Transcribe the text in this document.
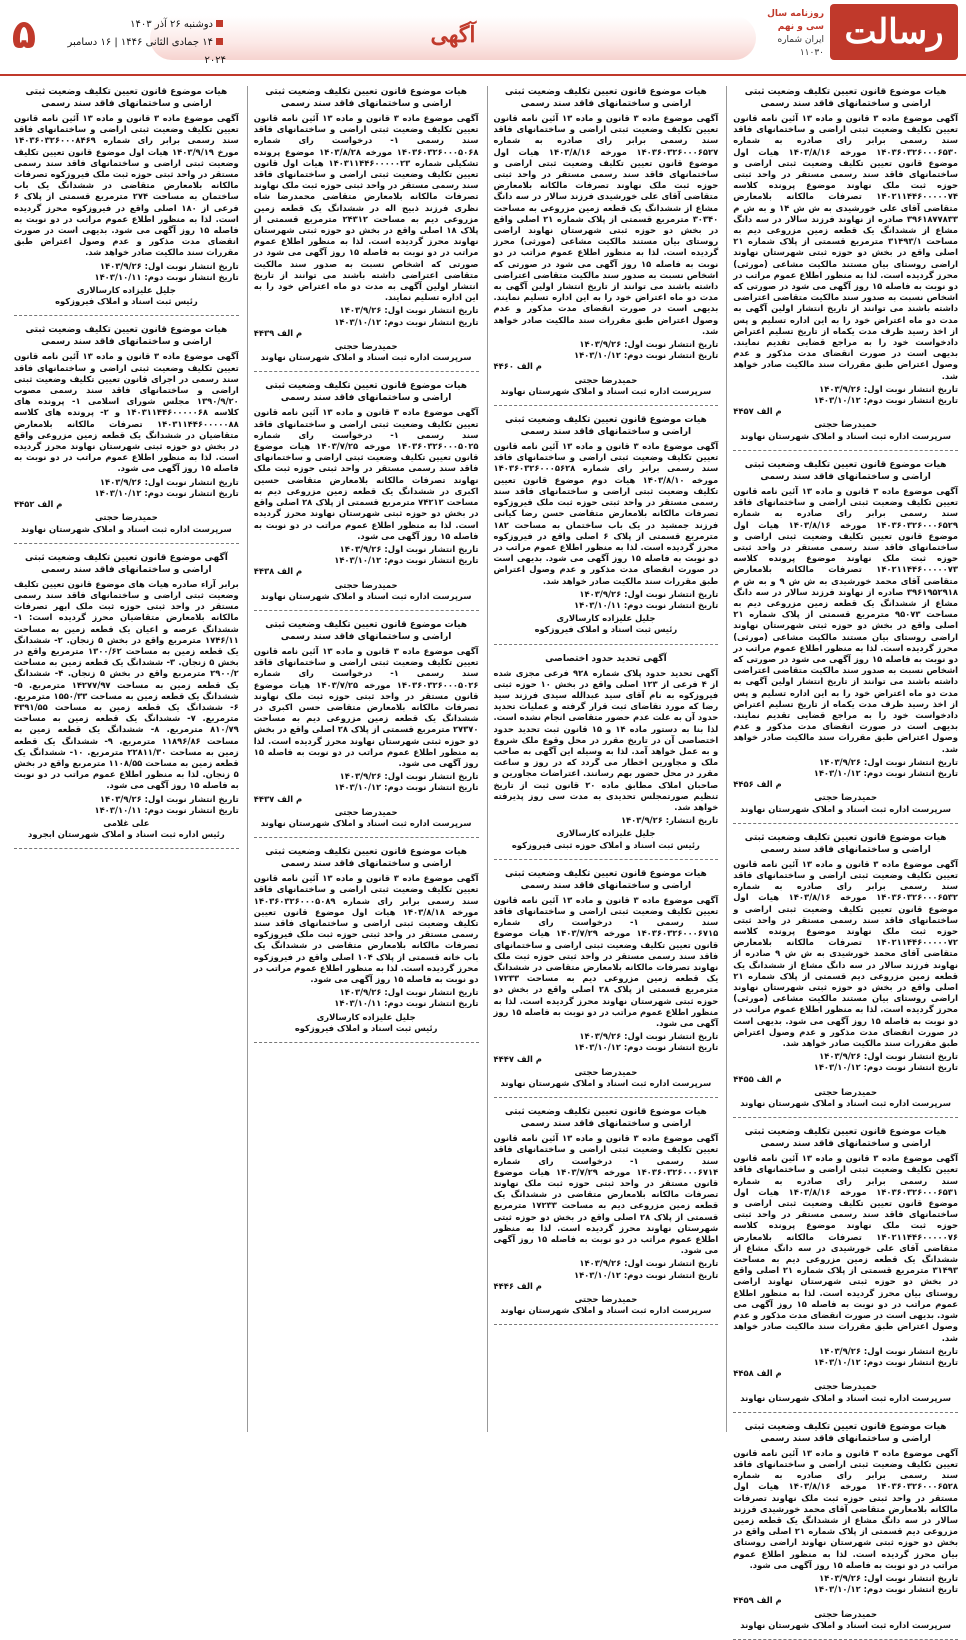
رسالت
روزنامه سال سی و نهم
ایران شماره ۱۱۰۳۰
آگهی
دوشنبه ۲۶ آذر ۱۴۰۳
۱۴ جمادی الثانی ۱۴۴۶ | ۱۶ دسامبر ۲۰۲۴
۵
هیات موضوع قانون تعیین تکلیف وضعیت ثبتی اراضی و ساختمانهای فاقد سند رسمی
آگهی موضوع ماده ۳ قانون و ماده ۱۳ آئین نامه قانون تعیین تکلیف وضعیت ثبتی اراضی و ساختمانهای فاقد سند رسمی برابر رای صادره به شماره ۱۴۰۳۶۰۳۲۶۰۰۰۶۵۳۰ مورخه ۱۴۰۳/۸/۱۶ هیات اول موضوع قانون تعیین تکلیف وضعیت ثبتی اراضی و ساختمانهای فاقد سند رسمی مستقر در واحد ثبتی حوزه ثبت ملک نهاوند موضوع پرونده کلاسه ۱۴۰۲۱۱۴۴۶۰۰۰۰۰۷۴ تصرفات مالکانه بلامعارض متقاضی آقای علی خورشیدی به ش ش ۱۴ و به ش م ۳۹۶۱۸۷۷۸۳۳ صادره از نهاوند فرزند سالار در سه دانگ مشاع از ششدانگ یک قطعه زمین مزروعی دیم به مساحت ۳۱۴۹۳/۱ مترمربع قسمتی از پلاک شماره ۲۱ اصلی واقع در بخش دو حوزه ثبتی شهرستان نهاوند اراضی روستای بیان مستند مالکیت مشاعی (مورثی) محرز گردیده است. لذا به منظور اطلاع عموم مراتب در دو نوبت به فاصله ۱۵ روز آگهی می شود در صورتی که اشخاص نسبت به صدور سند مالکیت متقاضی اعتراضی داشته باشند می توانند از تاریخ انتشار اولین آگهی به مدت دو ماه اعتراض خود را به این اداره تسلیم و پس از اخذ رسید ظرف مدت یکماه از تاریخ تسلیم اعتراض دادخواست خود را به مراجع قضایی تقدیم نمایند. بدیهی است در صورت انقضای مدت مذکور و عدم وصول اعتراض طبق مقررات سند مالکیت صادر خواهد شد.
تاریخ انتشار نوبت اول: ۱۴۰۳/۹/۲۶
تاریخ انتشار نوبت دوم: ۱۴۰۳/۱۰/۱۲
م الف ۴۴۵۷
حمیدرضا حجتی
سرپرست اداره ثبت اسناد و املاک شهرستان نهاوند
هیات موضوع قانون تعیین تکلیف وضعیت ثبتی اراضی و ساختمانهای فاقد سند رسمی
آگهی موضوع ماده ۳ قانون و ماده ۱۳ آئین نامه قانون تعیین تکلیف وضعیت ثبتی اراضی و ساختمانهای فاقد سند رسمی برابر رای صادره به شماره ۱۴۰۳۶۰۳۲۶۰۰۰۶۵۲۹ مورخه ۱۴۰۳/۸/۱۶ هیات اول موضوع قانون تعیین تکلیف وضعیت ثبتی اراضی و ساختمانهای فاقد سند رسمی مستقر در واحد ثبتی حوزه ثبت ملک نهاوند موضوع پرونده کلاسه ۱۴۰۲۱۱۴۴۶۰۰۰۰۰۷۳ تصرفات مالکانه بلامعارض متقاضی آقای محمد خورشیدی به ش ش ۹ و به ش م ۳۹۶۱۹۵۲۹۱۸ صادره از نهاوند فرزند سالار در سه دانگ مشاع از ششدانگ یک قطعه زمین مزروعی دیم به مساحت ۹۵۰۷۳ مترمربع قسمتی از پلاک شماره ۲۱ اصلی واقع در بخش دو حوزه ثبتی شهرستان نهاوند اراضی روستای بیان مستند مالکیت مشاعی (مورثی) محرز گردیده است. لذا به منظور اطلاع عموم مراتب در دو نوبت به فاصله ۱۵ روز آگهی می شود در صورتی که اشخاص نسبت به صدور سند مالکیت متقاضی اعتراضی داشته باشند می توانند از تاریخ انتشار اولین آگهی به مدت دو ماه اعتراض خود را به این اداره تسلیم و پس از اخذ رسید ظرف مدت یکماه از تاریخ تسلیم اعتراض دادخواست خود را به مراجع قضایی تقدیم نمایند. بدیهی است در صورت انقضای مدت مذکور و عدم وصول اعتراض طبق مقررات سند مالکیت صادر خواهد شد.
تاریخ انتشار نوبت اول: ۱۴۰۳/۹/۲۶
تاریخ انتشار نوبت دوم: ۱۴۰۳/۱۰/۱۲
م الف ۴۴۵۶
حمیدرضا حجتی
سرپرست اداره ثبت اسناد و املاک شهرستان نهاوند
هیات موضوع قانون تعیین تکلیف وضعیت ثبتی اراضی و ساختمانهای فاقد سند رسمی
آگهی موضوع ماده ۳ قانون و ماده ۱۳ آئین نامه قانون تعیین تکلیف وضعیت ثبتی اراضی و ساختمانهای فاقد سند رسمی برابر رای صادره به شماره ۱۴۰۳۶۰۳۲۶۰۰۰۶۵۳۲ مورخه ۱۴۰۳/۸/۱۶ هیات اول موضوع قانون تعیین تکلیف وضعیت ثبتی اراضی و ساختمانهای فاقد سند رسمی مستقر در واحد ثبتی حوزه ثبت ملک نهاوند موضوع پرونده کلاسه ۱۴۰۲۱۱۴۴۶۰۰۰۰۰۷۲ تصرفات مالکانه بلامعارض متقاضی آقای محمد خورشیدی به ش ش ۹ صادره از نهاوند فرزند سالار در سه دانگ مشاع از ششدانگ یک قطعه زمین مزروعی دیم قسمتی از پلاک شماره ۲۱ اصلی واقع در بخش دو حوزه ثبتی شهرستان نهاوند اراضی روستای بیان مستند مالکیت مشاعی (مورثی) محرز گردیده است. لذا به منظور اطلاع عموم مراتب در دو نوبت به فاصله ۱۵ روز آگهی می شود. بدیهی است در صورت انقضای مدت مذکور و عدم وصول اعتراض طبق مقررات سند مالکیت صادر خواهد شد.
تاریخ انتشار نوبت اول: ۱۴۰۳/۹/۲۶
تاریخ انتشار نوبت دوم: ۱۴۰۳/۱۰/۱۲
م الف ۴۴۵۵
حمیدرضا حجتی
سرپرست اداره ثبت اسناد و املاک شهرستان نهاوند
هیات موضوع قانون تعیین تکلیف وضعیت ثبتی اراضی و ساختمانهای فاقد سند رسمی
آگهی موضوع ماده ۳ قانون و ماده ۱۳ آئین نامه قانون تعیین تکلیف وضعیت ثبتی اراضی و ساختمانهای فاقد سند رسمی برابر رای صادره به شماره ۱۴۰۳۶۰۳۲۶۰۰۰۶۵۳۱ مورخه ۱۴۰۳/۸/۱۶ هیات اول موضوع قانون تعیین تکلیف وضعیت ثبتی اراضی و ساختمانهای فاقد سند رسمی مستقر در واحد ثبتی حوزه ثبت ملک نهاوند موضوع پرونده کلاسه ۱۴۰۲۱۱۴۴۶۰۰۰۰۰۷۶ تصرفات مالکانه بلامعارض متقاضی آقای علی خورشیدی در سه دانگ مشاع از ششدانگ یک قطعه زمین مزروعی دیم به مساحت ۳۱۴۹۳ مترمربع قسمتی از پلاک شماره ۲۱ اصلی واقع در بخش دو حوزه ثبتی شهرستان نهاوند اراضی روستای بیان محرز گردیده است. لذا به منظور اطلاع عموم مراتب در دو نوبت به فاصله ۱۵ روز آگهی می شود. بدیهی است در صورت انقضای مدت مذکور و عدم وصول اعتراض طبق مقررات سند مالکیت صادر خواهد شد.
تاریخ انتشار نوبت اول: ۱۴۰۳/۹/۲۶
تاریخ انتشار نوبت دوم: ۱۴۰۳/۱۰/۱۲
م الف ۴۴۵۸
حمیدرضا حجتی
سرپرست اداره ثبت اسناد و املاک شهرستان نهاوند
هیات موضوع قانون تعیین تکلیف وضعیت ثبتی اراضی و ساختمانهای فاقد سند رسمی
آگهی موضوع ماده ۳ قانون و ماده ۱۳ آئین نامه قانون تعیین تکلیف وضعیت ثبتی اراضی و ساختمانهای فاقد سند رسمی برابر رای صادره به شماره ۱۴۰۳۶۰۳۲۶۰۰۰۶۵۲۸ مورخه ۱۴۰۳/۸/۱۶ هیات اول مستقر در واحد ثبتی حوزه ثبت ملک نهاوند تصرفات مالکانه بلامعارض متقاضی آقای محمد خورشیدی فرزند سالار در سه دانگ مشاع از ششدانگ یک قطعه زمین مزروعی دیم قسمتی از پلاک شماره ۲۱ اصلی واقع در بخش دو حوزه ثبتی شهرستان نهاوند اراضی روستای بیان محرز گردیده است. لذا به منظور اطلاع عموم مراتب در دو نوبت به فاصله ۱۵ روز آگهی می شود.
تاریخ انتشار نوبت اول: ۱۴۰۳/۹/۲۶
تاریخ انتشار نوبت دوم: ۱۴۰۳/۱۰/۱۲
م الف ۴۴۵۹
حمیدرضا حجتی
سرپرست اداره ثبت اسناد و املاک شهرستان نهاوند
هیات موضوع قانون تعیین تکلیف وضعیت ثبتی اراضی و ساختمانهای فاقد سند رسمی
آگهی موضوع ماده ۳ قانون و ماده ۱۳ آئین نامه قانون تعیین تکلیف وضعیت ثبتی اراضی و ساختمانهای فاقد سند رسمی برابر رای صادره به شماره ۱۴۰۳۶۰۳۲۶۰۰۰۶۵۲۷ مورخه ۱۴۰۳/۸/۱۶ هیات اول موضوع قانون تعیین تکلیف وضعیت ثبتی اراضی و ساختمانهای فاقد سند رسمی مستقر در واحد ثبتی حوزه ثبت ملک نهاوند تصرفات مالکانه بلامعارض متقاضی آقای علی خورشیدی فرزند سالار در سه دانگ مشاع از ششدانگ یک قطعه زمین مزروعی به مساحت ۳۰۳۴۰ مترمربع قسمتی از پلاک شماره ۲۱ اصلی واقع در بخش دو حوزه ثبتی شهرستان نهاوند اراضی روستای بیان مستند مالکیت مشاعی (مورثی) محرز گردیده است. لذا به منظور اطلاع عموم مراتب در دو نوبت به فاصله ۱۵ روز آگهی می شود در صورتی که اشخاص نسبت به صدور سند مالکیت متقاضی اعتراضی داشته باشند می توانند از تاریخ انتشار اولین آگهی به مدت دو ماه اعتراض خود را به این اداره تسلیم نمایند. بدیهی است در صورت انقضای مدت مذکور و عدم وصول اعتراض طبق مقررات سند مالکیت صادر خواهد شد.
تاریخ انتشار نوبت اول: ۱۴۰۳/۹/۲۶
تاریخ انتشار نوبت دوم: ۱۴۰۳/۱۰/۱۲
م الف ۴۴۶۰
حمیدرضا حجتی
سرپرست اداره ثبت اسناد و املاک شهرستان نهاوند
هیات موضوع قانون تعیین تکلیف وضعیت ثبتی اراضی و ساختمانهای فاقد سند رسمی
آگهی موضوع ماده ۳ قانون و ماده ۱۳ آئین نامه قانون تعیین تکلیف وضعیت ثبتی اراضی و ساختمانهای فاقد سند رسمی برابر رای شماره ۱۴۰۳۶۰۳۲۶۰۰۰۵۶۲۸ مورخه ۱۴۰۳/۸/۱۰ هیات دوم موضوع قانون تعیین تکلیف وضعیت ثبتی اراضی و ساختمانهای فاقد سند رسمی مستقر در واحد ثبتی حوزه ثبت ملک فیروزکوه تصرفات مالکانه بلامعارض متقاضی حسن رضا کیانی فرزند جمشید در یک باب ساختمان به مساحت ۱۸۲ مترمربع قسمتی از پلاک ۶ اصلی واقع در فیروزکوه محرز گردیده است. لذا به منظور اطلاع عموم مراتب در دو نوبت به فاصله ۱۵ روز آگهی می شود. بدیهی است در صورت انقضای مدت مذکور و عدم وصول اعتراض طبق مقررات سند مالکیت صادر خواهد شد.
تاریخ انتشار نوبت اول: ۱۴۰۳/۹/۲۶
تاریخ انتشار نوبت دوم: ۱۴۰۳/۱۰/۱۱
جلیل علیزاده کارسالاری
رئیس ثبت اسناد و املاک فیروزکوه
آگهی تحدید حدود اختصاصی
آگهی تحدید حدود پلاک شماره ۹۲۸ فرعی مجزی شده از ۴ فرعی از ۱۲۳ اصلی واقع در بخش ۱۰ حوزه ثبتی فیروزکوه به نام آقای سید عبدالله سیدی فرزند سید رضا که مورد تقاضای ثبت قرار گرفته و عملیات تحدید حدود آن به علت عدم حضور متقاضی انجام نشده است. لذا بنا به دستور ماده ۱۴ و ۱۵ قانون ثبت تحدید حدود اختصاصی آن در تاریخ مقرر در محل وقوع ملک شروع و به عمل خواهد آمد. لذا به وسیله این آگهی به صاحب ملک و مجاورین اخطار می گردد که در روز و ساعت مقرر در محل حضور بهم رسانند. اعتراضات مجاورین و صاحبان املاک مطابق ماده ۲۰ قانون ثبت از تاریخ تنظیم صورتمجلس تحدیدی به مدت سی روز پذیرفته خواهد شد.
تاریخ انتشار: ۱۴۰۳/۹/۲۶
جلیل علیزاده کارسالاری
رئیس ثبت اسناد و املاک حوزه ثبتی فیروزکوه
هیات موضوع قانون تعیین تکلیف وضعیت ثبتی اراضی و ساختمانهای فاقد سند رسمی
آگهی موضوع ماده ۳ قانون و ماده ۱۳ آئین نامه قانون تعیین تکلیف وضعیت ثبتی اراضی و ساختمانهای فاقد سند رسمی ۱- درخواست رای شماره ۱۴۰۳۶۰۳۲۶۰۰۰۶۷۱۵ مورخه ۱۴۰۳/۷/۲۹ هیات موضوع قانون تعیین تکلیف وضعیت ثبتی اراضی و ساختمانهای فاقد سند رسمی مستقر در واحد ثبتی حوزه ثبت ملک نهاوند تصرفات مالکانه بلامعارض متقاضی در ششدانگ یک قطعه زمین مزروعی دیم به مساحت ۱۷۲۳۳ مترمربع قسمتی از پلاک ۲۸ اصلی واقع در بخش دو حوزه ثبتی شهرستان نهاوند محرز گردیده است. لذا به منظور اطلاع عموم مراتب در دو نوبت به فاصله ۱۵ روز آگهی می شود.
تاریخ انتشار نوبت اول: ۱۴۰۳/۹/۲۶
تاریخ انتشار نوبت دوم: ۱۴۰۳/۱۰/۱۲
م الف ۴۴۴۷
حمیدرضا حجتی
سرپرست اداره ثبت اسناد و املاک شهرستان نهاوند
هیات موضوع قانون تعیین تکلیف وضعیت ثبتی اراضی و ساختمانهای فاقد سند رسمی
آگهی موضوع ماده ۳ قانون و ماده ۱۳ آئین نامه قانون تعیین تکلیف وضعیت ثبتی اراضی و ساختمانهای فاقد سند رسمی ۱- درخواست رای شماره ۱۴۰۳۶۰۳۲۶۰۰۰۶۷۱۴ مورخه ۱۴۰۳/۷/۲۹ هیات موضوع قانون مستقر در واحد ثبتی حوزه ثبت ملک نهاوند تصرفات مالکانه بلامعارض متقاضی در ششدانگ یک قطعه زمین مزروعی دیم به مساحت ۱۷۲۳۳ مترمربع قسمتی از پلاک ۲۸ اصلی واقع در بخش دو حوزه ثبتی شهرستان نهاوند محرز گردیده است. لذا به منظور اطلاع عموم مراتب در دو نوبت به فاصله ۱۵ روز آگهی می شود.
تاریخ انتشار نوبت اول: ۱۴۰۳/۹/۲۶
تاریخ انتشار نوبت دوم: ۱۴۰۳/۱۰/۱۲
م الف ۴۴۴۶
حمیدرضا حجتی
سرپرست اداره ثبت اسناد و املاک شهرستان نهاوند
هیات موضوع قانون تعیین تکلیف وضعیت ثبتی اراضی و ساختمانهای فاقد سند رسمی
آگهی موضوع ماده ۳ قانون و ماده ۱۳ آئین نامه قانون تعیین تکلیف وضعیت ثبتی اراضی و ساختمانهای فاقد سند رسمی ۱- درخواست رای شماره ۱۴۰۳۶۰۳۲۶۰۰۰۵۰۶۸ مورخه ۱۴۰۳/۸/۲۸ موضوع پرونده تشکیلی شماره ۱۴۰۳۱۱۴۴۶۰۰۰۰۰۲۳ هیات اول قانون تعیین تکلیف وضعیت ثبتی اراضی و ساختمانهای فاقد سند رسمی مستقر در واحد ثبتی حوزه ثبت ملک نهاوند تصرفات مالکانه بلامعارض متقاضی محمدرضا شاه نظری فرزند ذبیح اله در ششدانگ یک قطعه زمین مزروعی دیم به مساحت ۲۴۳۱۲ مترمربع قسمتی از پلاک ۱۸ اصلی واقع در بخش دو حوزه ثبتی شهرستان نهاوند محرز گردیده است. لذا به منظور اطلاع عموم مراتب در دو نوبت به فاصله ۱۵ روز آگهی می شود در صورتی که اشخاص نسبت به صدور سند مالکیت متقاضی اعتراضی داشته باشند می توانند از تاریخ انتشار اولین آگهی به مدت دو ماه اعتراض خود را به این اداره تسلیم نمایند.
تاریخ انتشار نوبت اول: ۱۴۰۳/۹/۲۶
تاریخ انتشار نوبت دوم: ۱۴۰۳/۱۰/۱۲
م الف ۴۴۳۹
حمیدرضا حجتی
سرپرست اداره ثبت اسناد و املاک شهرستان نهاوند
هیات موضوع قانون تعیین تکلیف وضعیت ثبتی اراضی و ساختمانهای فاقد سند رسمی
آگهی موضوع ماده ۳ قانون و ماده ۱۳ آئین نامه قانون تعیین تکلیف وضعیت ثبتی اراضی و ساختمانهای فاقد سند رسمی ۱- درخواست رای شماره ۱۴۰۳۶۰۳۲۶۰۰۰۵۰۲۵ مورخه ۱۴۰۳/۷/۲۵ هیات موضوع قانون تعیین تکلیف وضعیت ثبتی اراضی و ساختمانهای فاقد سند رسمی مستقر در واحد ثبتی حوزه ثبت ملک نهاوند تصرفات مالکانه بلامعارض متقاضی حسین اکبری در ششدانگ یک قطعه زمین مزروعی دیم به مساحت ۷۴۲۱۲ مترمربع قسمتی از پلاک ۲۸ اصلی واقع در بخش دو حوزه ثبتی شهرستان نهاوند محرز گردیده است. لذا به منظور اطلاع عموم مراتب در دو نوبت به فاصله ۱۵ روز آگهی می شود.
تاریخ انتشار نوبت اول: ۱۴۰۳/۹/۲۶
تاریخ انتشار نوبت دوم: ۱۴۰۳/۱۰/۱۲
م الف ۴۴۳۸
حمیدرضا حجتی
سرپرست اداره ثبت اسناد و املاک شهرستان نهاوند
هیات موضوع قانون تعیین تکلیف وضعیت ثبتی اراضی و ساختمانهای فاقد سند رسمی
آگهی موضوع ماده ۳ قانون و ماده ۱۳ آئین نامه قانون تعیین تکلیف وضعیت ثبتی اراضی و ساختمانهای فاقد سند رسمی ۱- درخواست رای شماره ۱۴۰۳۶۰۳۲۶۰۰۰۵۰۲۶ مورخه ۱۴۰۳/۷/۲۵ هیات موضوع قانون مستقر در واحد ثبتی حوزه ثبت ملک نهاوند تصرفات مالکانه بلامعارض متقاضی حسن اکبری در ششدانگ یک قطعه زمین مزروعی دیم به مساحت ۲۷۳۷۰ مترمربع قسمتی از پلاک ۲۸ اصلی واقع در بخش دو حوزه ثبتی شهرستان نهاوند محرز گردیده است. لذا به منظور اطلاع عموم مراتب در دو نوبت به فاصله ۱۵ روز آگهی می شود.
تاریخ انتشار نوبت اول: ۱۴۰۳/۹/۲۶
تاریخ انتشار نوبت دوم: ۱۴۰۳/۱۰/۱۲
م الف ۴۴۳۷
حمیدرضا حجتی
سرپرست اداره ثبت اسناد و املاک شهرستان نهاوند
هیات موضوع قانون تعیین تکلیف وضعیت ثبتی اراضی و ساختمانهای فاقد سند رسمی
آگهی موضوع ماده ۳ قانون و ماده ۱۳ آئین نامه قانون تعیین تکلیف وضعیت ثبتی اراضی و ساختمانهای فاقد سند رسمی برابر رای شماره ۱۴۰۳۶۰۳۲۶۰۰۰۵۰۸۹ مورخه ۱۴۰۳/۸/۱۸ هیات اول موضوع قانون تعیین تکلیف وضعیت ثبتی اراضی و ساختمانهای فاقد سند رسمی مستقر در واحد ثبتی حوزه ثبت ملک فیروزکوه تصرفات مالکانه بلامعارض متقاضی در ششدانگ یک باب خانه قسمتی از پلاک ۱۰۴ اصلی واقع در فیروزکوه محرز گردیده است. لذا به منظور اطلاع عموم مراتب در دو نوبت به فاصله ۱۵ روز آگهی می شود.
تاریخ انتشار نوبت اول: ۱۴۰۳/۹/۲۶
تاریخ انتشار نوبت دوم: ۱۴۰۳/۱۰/۱۱
جلیل علیزاده کارسالاری
رئیس ثبت اسناد و املاک فیروزکوه
هیات موضوع قانون تعیین تکلیف وضعیت ثبتی اراضی و ساختمانهای فاقد سند رسمی
آگهی موضوع ماده ۳ قانون و ماده ۱۳ آئین نامه قانون تعیین تکلیف وضعیت ثبتی اراضی و ساختمانهای فاقد سند رسمی برابر رای شماره ۱۴۰۳۶۰۳۲۶۰۰۰۸۴۶۹ مورخ ۱۴۰۳/۹/۱۹ هیات اول موضوع قانون تعیین تکلیف وضعیت ثبتی اراضی و ساختمانهای فاقد سند رسمی مستقر در واحد ثبتی حوزه ثبت ملک فیروزکوه تصرفات مالکانه بلامعارض متقاضی در ششدانگ یک باب ساختمان به مساحت ۲۷۴ مترمربع قسمتی از پلاک ۶ فرعی از ۱۸۰ اصلی واقع در فیروزکوه محرز گردیده است. لذا به منظور اطلاع عموم مراتب در دو نوبت به فاصله ۱۵ روز آگهی می شود. بدیهی است در صورت انقضای مدت مذکور و عدم وصول اعتراض طبق مقررات سند مالکیت صادر خواهد شد.
تاریخ انتشار نوبت اول: ۱۴۰۳/۹/۲۶
تاریخ انتشار نوبت دوم: ۱۴۰۳/۱۰/۱۱
جلیل علیزاده کارسالاری
رئیس ثبت اسناد و املاک فیروزکوه
هیات موضوع قانون تعیین تکلیف وضعیت ثبتی اراضی و ساختمانهای فاقد سند رسمی
آگهی موضوع ماده ۳ قانون و ماده ۱۳ آئین نامه قانون تعیین تکلیف وضعیت ثبتی اراضی و ساختمانهای فاقد سند رسمی در اجرای قانون تعیین تکلیف وضعیت ثبتی اراضی و ساختمانهای فاقد سند رسمی مصوب ۱۳۹۰/۹/۲۰ مجلس شورای اسلامی ۱- پرونده های کلاسه ۱۴۰۳۱۱۴۴۶۰۰۰۰۰۶۸ و ۲- پرونده های کلاسه ۱۴۰۳۱۱۴۴۶۰۰۰۰۰۸۸ تصرفات مالکانه بلامعارض متقاضیان در ششدانگ یک قطعه زمین مزروعی واقع در بخش دو حوزه ثبتی شهرستان نهاوند محرز گردیده است. لذا به منظور اطلاع عموم مراتب در دو نوبت به فاصله ۱۵ روز آگهی می شود.
تاریخ انتشار نوبت اول: ۱۴۰۳/۹/۲۶
تاریخ انتشار نوبت دوم: ۱۴۰۳/۱۰/۱۲
م الف ۴۴۵۲
حمیدرضا حجتی
سرپرست اداره ثبت اسناد و املاک شهرستان نهاوند
آگهی موضوع قانون تعیین تکلیف وضعیت ثبتی اراضی و ساختمانهای فاقد سند رسمی
برابر آراء صادره هیات های موضوع قانون تعیین تکلیف وضعیت ثبتی اراضی و ساختمانهای فاقد سند رسمی مستقر در واحد ثبتی حوزه ثبت ملک ابهر تصرفات مالکانه بلامعارض متقاضیان محرز گردیده است: ۱- ششدانگ عرصه و اعیان یک قطعه زمین به مساحت ۱۷۴۶/۱۱ مترمربع واقع در بخش ۵ زنجان. ۲- ششدانگ یک قطعه زمین به مساحت ۱۳۰۰/۶۲ مترمربع واقع در بخش ۵ زنجان. ۳- ششدانگ یک قطعه زمین به مساحت ۲۹۰۰/۲ مترمربع واقع در بخش ۵ زنجان. ۴- ششدانگ یک قطعه زمین به مساحت ۱۴۲۷۷/۹۷ مترمربع. ۵- ششدانگ یک قطعه زمین به مساحت ۱۵۵۰/۳۳ مترمربع. ۶- ششدانگ یک قطعه زمین به مساحت ۴۳۹۱/۵۵ مترمربع. ۷- ششدانگ یک قطعه زمین به مساحت ۸۱۰/۷۹ مترمربع. ۸- ششدانگ یک قطعه زمین به مساحت ۱۱۸۹۶/۸۶ مترمربع. ۹- ششدانگ یک قطعه زمین به مساحت ۲۲۸۱۱/۳۰ مترمربع. ۱۰- ششدانگ یک قطعه زمین به مساحت ۱۱۰۸/۵۵ مترمربع واقع در بخش ۵ زنجان. لذا به منظور اطلاع عموم مراتب در دو نوبت به فاصله ۱۵ روز آگهی می شود.
تاریخ انتشار نوبت اول: ۱۴۰۳/۹/۲۶
تاریخ انتشار نوبت دوم: ۱۴۰۳/۱۰/۱۱
علی غلامی
رئیس اداره ثبت اسناد و املاک شهرستان ابجرود
